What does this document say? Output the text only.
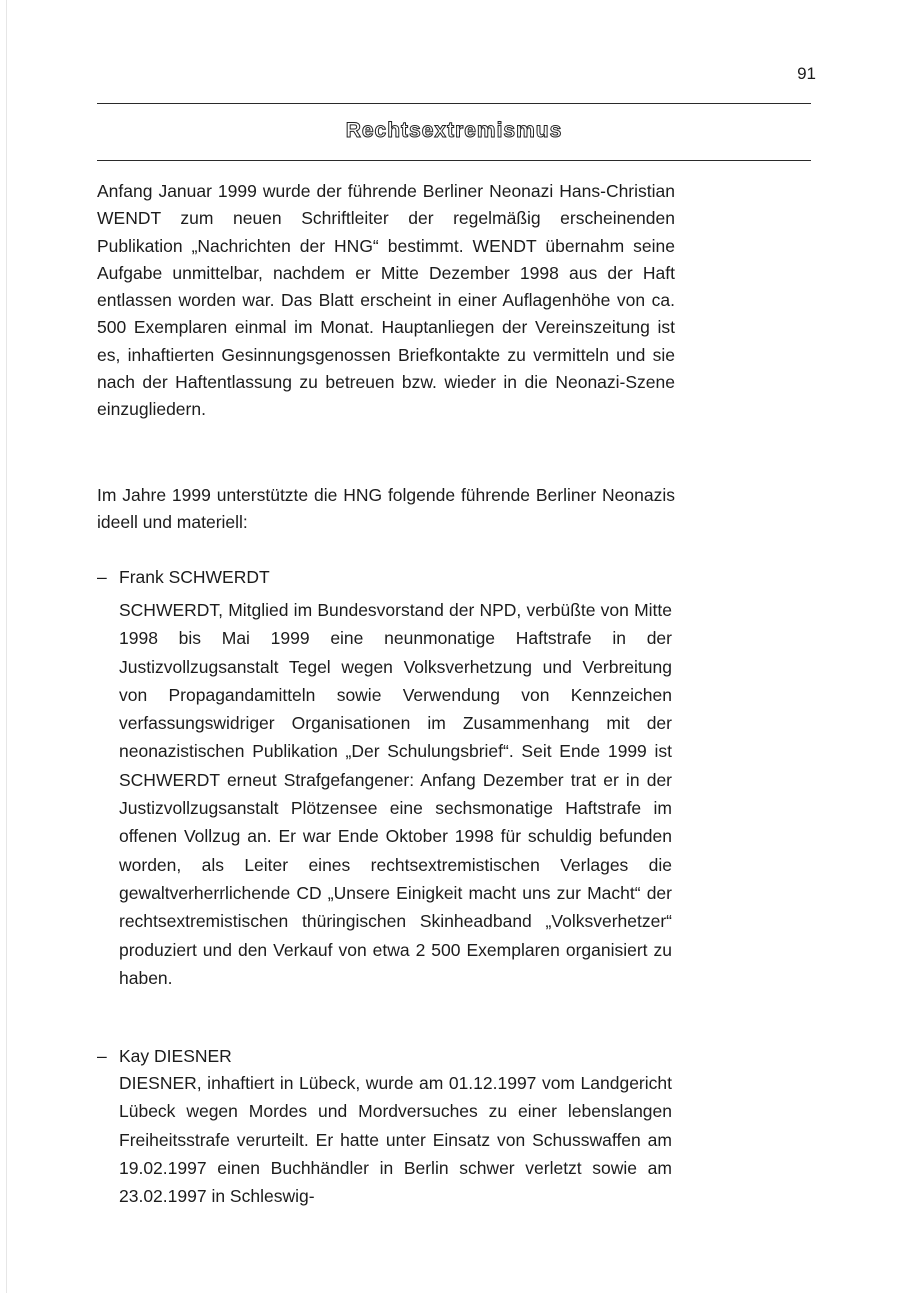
91
Rechtsextremismus

Anfang Januar 1999 wurde der führende Berliner Neonazi Hans-Christian WENDT zum neuen Schriftleiter der regelmäßig erscheinenden Publikation „Nachrichten der HNG“ bestimmt. WENDT übernahm seine Aufgabe unmittelbar, nachdem er Mitte Dezember 1998 aus der Haft entlassen worden war. Das Blatt erscheint in einer Auflagenhöhe von ca. 500 Exemplaren einmal im Monat. Hauptanliegen der Vereinszeitung ist es, inhaftierten Gesinnungsgenossen Briefkontakte zu vermitteln und sie nach der Haftentlassung zu betreuen bzw. wieder in die Neonazi-Szene einzugliedern.

Im Jahre 1999 unterstützte die HNG folgende führende Berliner Neonazis ideell und materiell:

– Frank SCHWERDT

SCHWERDT, Mitglied im Bundesvorstand der NPD, verbüßte von Mitte 1998 bis Mai 1999 eine neunmonatige Haftstrafe in der Justizvollzugsanstalt Tegel wegen Volksverhetzung und Verbreitung von Propagandamitteln sowie Verwendung von Kennzeichen verfassungswidriger Organisationen im Zusammenhang mit der neonazistischen Publikation „Der Schulungsbrief“. Seit Ende 1999 ist SCHWERDT erneut Strafgefangener: Anfang Dezember trat er in der Justizvollzugsanstalt Plötzensee eine sechsmonatige Haftstrafe im offenen Vollzug an. Er war Ende Oktober 1998 für schuldig befunden worden, als Leiter eines rechtsextremistischen Verlages die gewaltverherrlichende CD „Unsere Einigkeit macht uns zur Macht“ der rechtsextremistischen thüringischen Skinheadband „Volksverhetzer“ produziert und den Verkauf von etwa 2 500 Exemplaren organisiert zu haben.

– Kay DIESNER

DIESNER, inhaftiert in Lübeck, wurde am 01.12.1997 vom Landgericht Lübeck wegen Mordes und Mordversuches zu einer lebenslangen Freiheitsstrafe verurteilt. Er hatte unter Einsatz von Schusswaffen am 19.02.1997 einen Buchhändler in Berlin schwer verletzt sowie am 23.02.1997 in Schleswig-
